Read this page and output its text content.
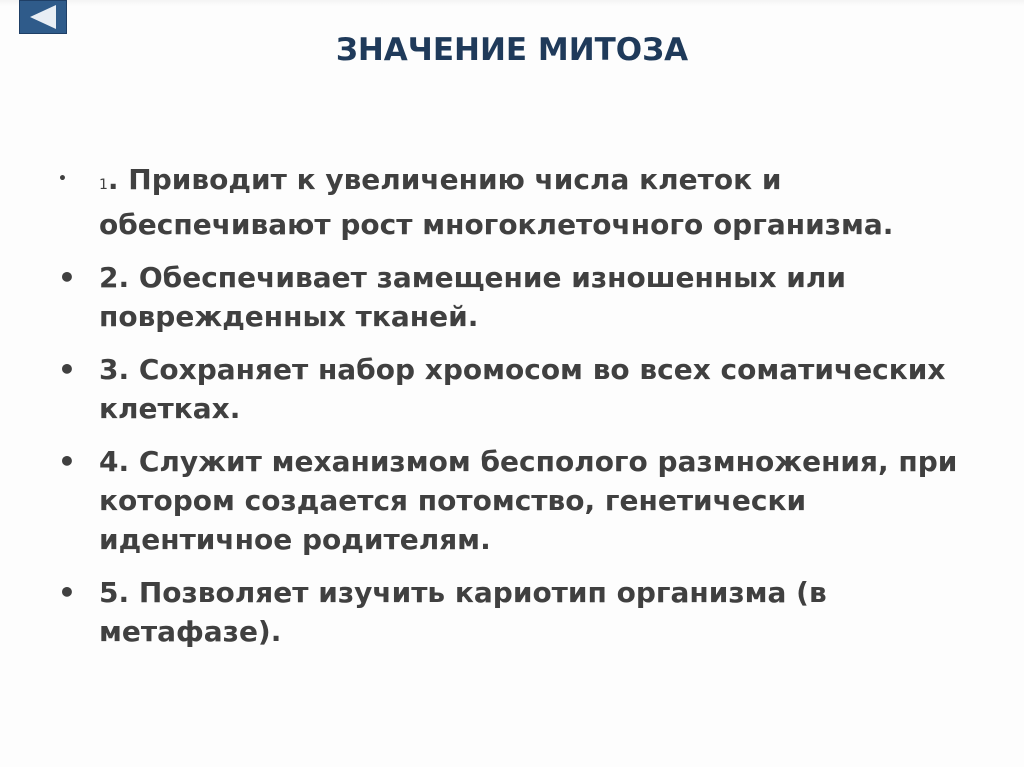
ЗНАЧЕНИЕ МИТОЗА
•	1. Приводит к увеличению числа клеток и обеспечивают рост многоклеточного организма.
• 2. Обеспечивает замещение изношенных или поврежденных тканей.
• 3. Сохраняет набор хромосом во всех соматических клетках.
• 4. Служит механизмом бесполого размножения, при котором создается потомство, генетически идентичное родителям.
• 5. Позволяет изучить кариотип организма (в метафазе).
